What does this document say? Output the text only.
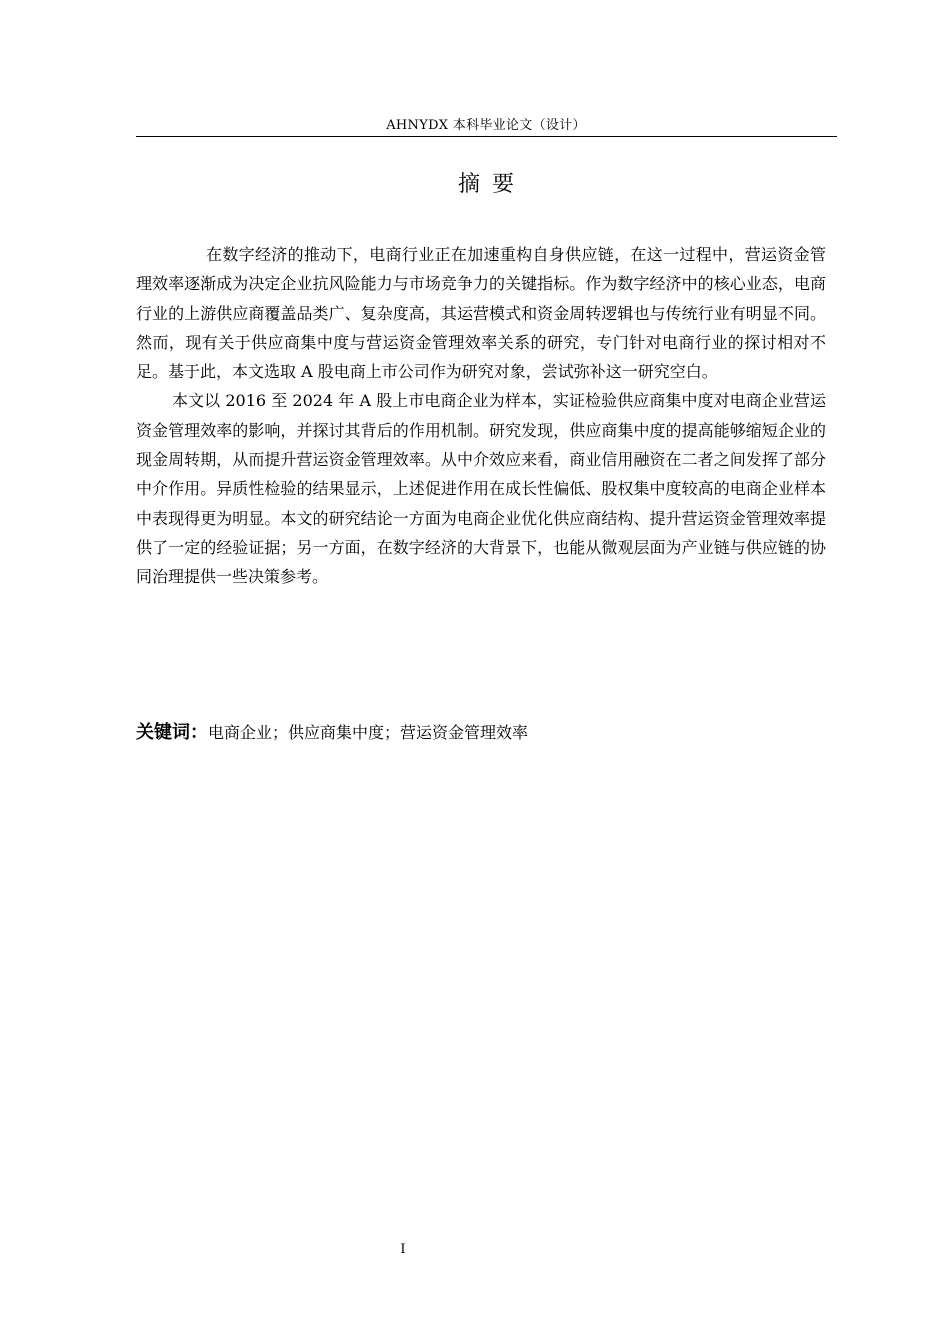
AHNYDX 本科毕业论文（设计）
摘要

在数字经济的推动下，电商行业正在加速重构自身供应链，在这一过程中，营运资金管理效率逐渐成为决定企业抗风险能力与市场竞争力的关键指标。作为数字经济中的核心业态，电商行业的上游供应商覆盖品类广、复杂度高，其运营模式和资金周转逻辑也与传统行业有明显不同。然而，现有关于供应商集中度与营运资金管理效率关系的研究，专门针对电商行业的探讨相对不足。基于此，本文选取 A 股电商上市公司作为研究对象，尝试弥补这一研究空白。

本文以 2016 至 2024 年 A 股上市电商企业为样本，实证检验供应商集中度对电商企业营运资金管理效率的影响，并探讨其背后的作用机制。研究发现，供应商集中度的提高能够缩短企业的现金周转期，从而提升营运资金管理效率。从中介效应来看，商业信用融资在二者之间发挥了部分中介作用。异质性检验的结果显示，上述促进作用在成长性偏低、股权集中度较高的电商企业样本中表现得更为明显。本文的研究结论一方面为电商企业优化供应商结构、提升营运资金管理效率提供了一定的经验证据；另一方面，在数字经济的大背景下，也能从微观层面为产业链与供应链的协同治理提供一些决策参考。

关键词：电商企业；供应商集中度；营运资金管理效率
I
